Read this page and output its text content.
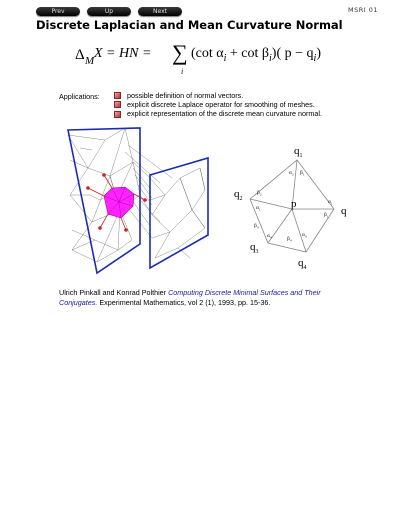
Prev	Up	Next	MSRI 01
Discrete Laplacian and Mean Curvature Normal
Δ M X = HN = ∑
i
(cot $\alpha_i + \cot \beta_i$)( $p - q_i$)
Applications:	possible definition of normal vectors.
explicit discrete Laplace operator for smoothing of meshes.
explicit representation of the discrete mean curvature normal.
$q_1$
$q_2$
$q_3$
$q_4$
q
p
$\alpha_2$ $\beta_1$
$\beta_2$
$\alpha_1$
$\alpha_i$
$\beta_i$
$\beta_3$
$\alpha_4$	$\beta_4$
$\alpha_3$

Ulrich Pinkall and Konrad Polthier Computing Discrete Minimal Surfaces and Their Conjugates. Experimental Mathematics, vol 2 (1), 1993, pp. 15-36.
